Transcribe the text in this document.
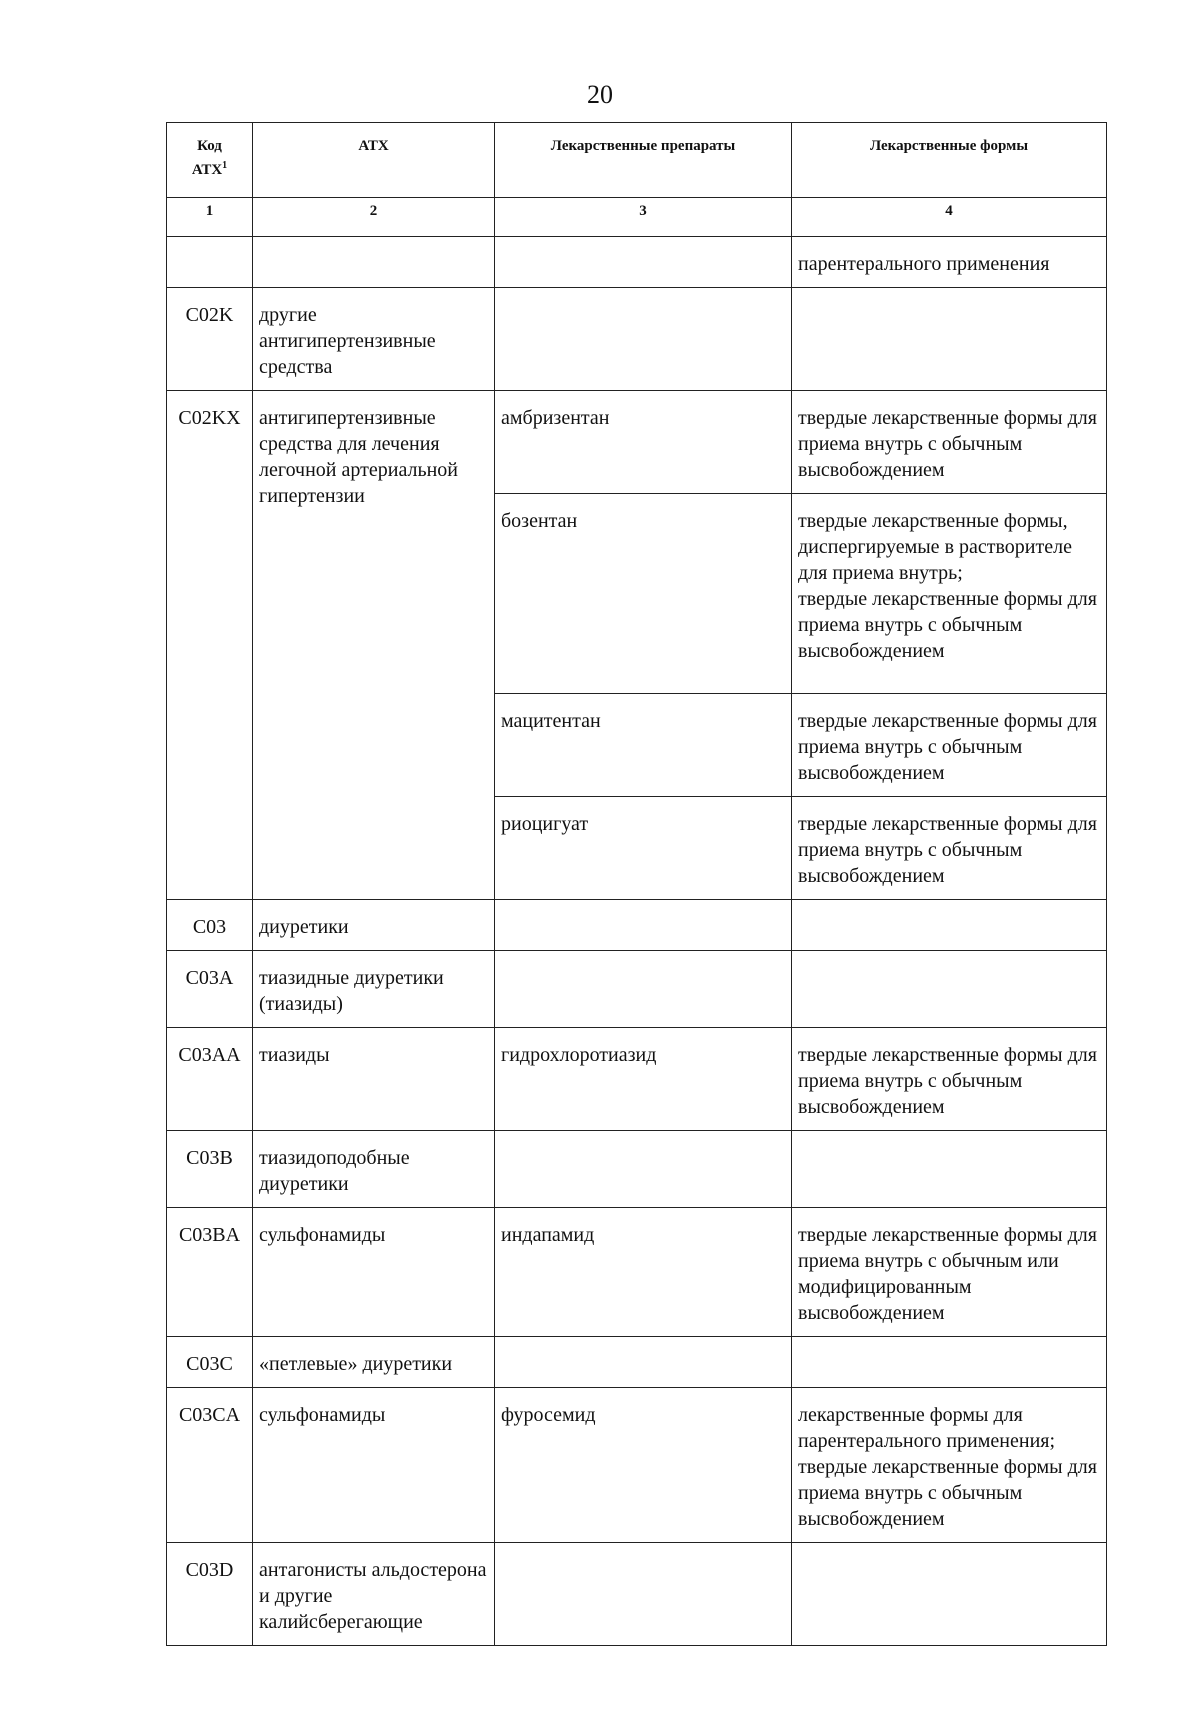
20
Код
АТХ$^1$	АТХ	Лекарственные препараты	Лекарственные формы
1	2	3	4
			парентерального применения
C02K	другие антигипертензивные средства		
C02KX	антигипертензивные средства для лечения легочной артериальной гипертензии	амбризентан	твердые лекарственные формы для приема внутрь с обычным высвобождением
		бозентан	твердые лекарственные формы, диспергируемые в растворителе для приема внутрь;
твердые лекарственные формы для приема внутрь с обычным высвобождением
		мацитентан	твердые лекарственные формы для приема внутрь с обычным высвобождением
		риоцигуат	твердые лекарственные формы для приема внутрь с обычным высвобождением
C03	диуретики		
C03A	тиазидные диуретики (тиазиды)		
C03AA	тиазиды	гидрохлоротиазид	твердые лекарственные формы для приема внутрь с обычным высвобождением
C03B	тиазидоподобные диуретики		
C03BA	сульфонамиды	индапамид	твердые лекарственные формы для приема внутрь с обычным или модифицированным высвобождением
C03C	«петлевые» диуретики		
C03CA	сульфонамиды	фуросемид	лекарственные формы для парентерального применения;
твердые лекарственные формы для приема внутрь с обычным высвобождением
C03D	антагонисты альдостерона и другие калийсберегающие		
